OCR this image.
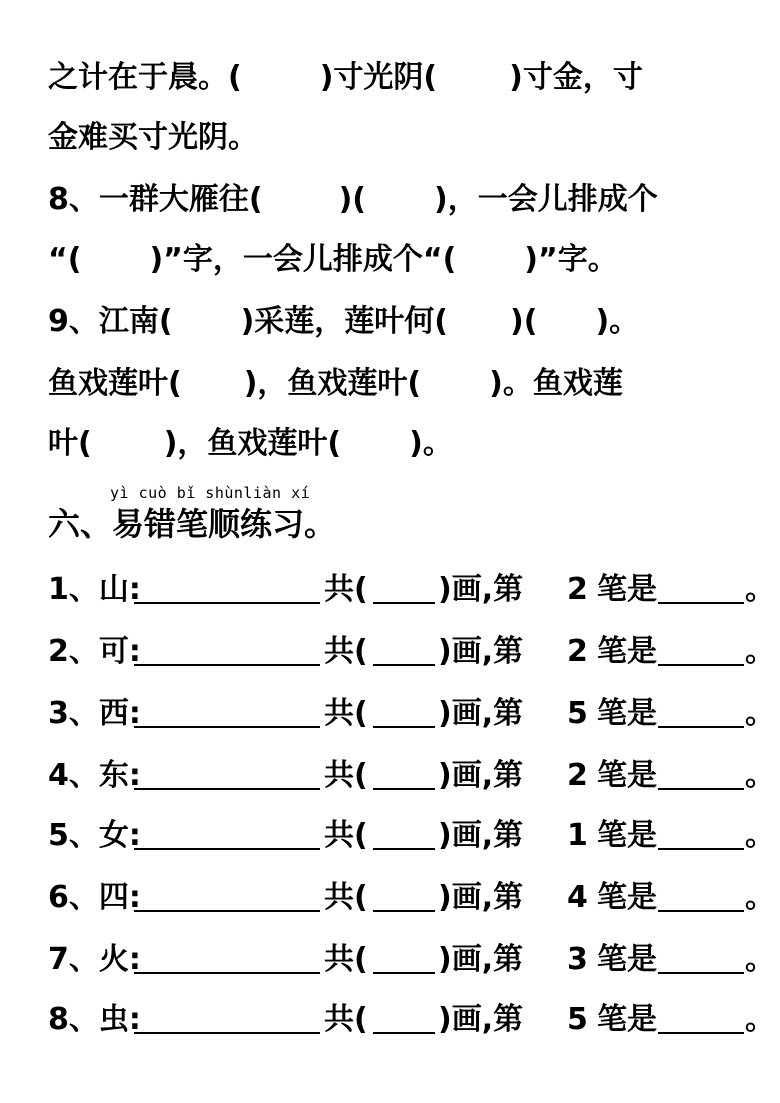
之计在于晨。(	)寸光阴( )寸金，寸
金难买寸光阴。
8、一群大雁往(	)( )，一会儿排成个
“( )”字，一会儿排成个“( )”字。
9、江南( )采莲，莲叶何( )( )。
鱼戏莲叶( )，鱼戏莲叶( )。鱼戏莲
叶( )，鱼戏莲叶( )。
yì cuò bǐ shùnliàn xí
六、易错笔顺练习。
1、山:	共( )画,第 2 笔是	。
2、可:	共( )画,第 2 笔是	。
3、西:	共( )画,第 5 笔是	。
4、东:	共( )画,第 2 笔是	。
5、女:	共( )画,第 1 笔是	。
6、四:	共( )画,第 4 笔是	。
7、火:	共( )画,第 3 笔是	。
8、虫:	共( )画,第 5 笔是	。
